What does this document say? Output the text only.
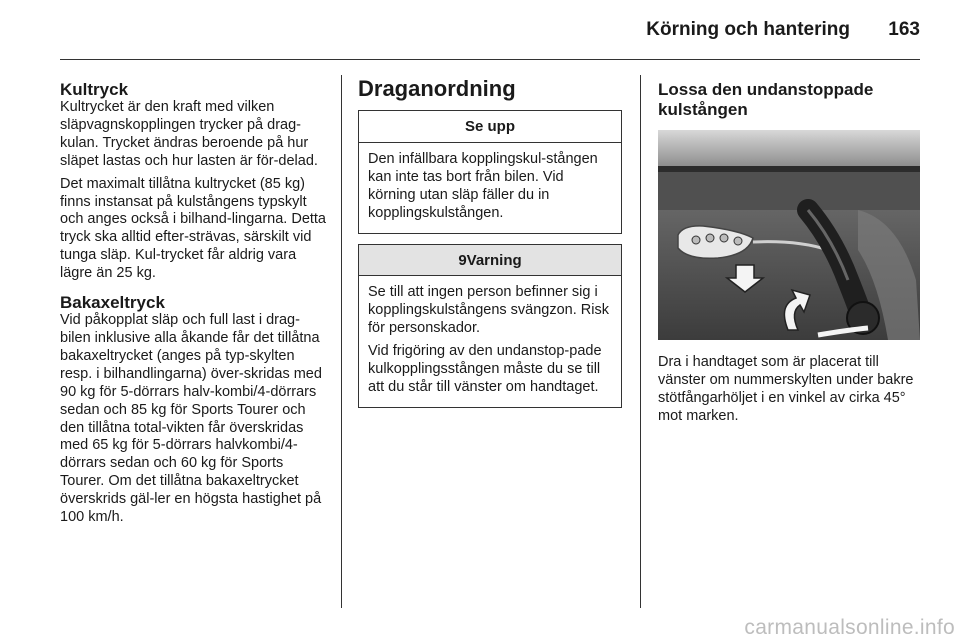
Körning och hantering	163
Kultryck

Kultrycket är den kraft med vilken släpvagnskopplingen trycker på drag-kulan. Trycket ändras beroende på hur släpet lastas och hur lasten är för-delad.

Det maximalt tillåtna kultrycket (85 kg) finns instansat på kulstångens typskylt och anges också i bilhand-lingarna. Detta tryck ska alltid efter-strävas, särskilt vid tunga släp. Kul-trycket får aldrig vara lägre än 25 kg.

Bakaxeltryck

Vid påkopplat släp och full last i drag-bilen inklusive alla åkande får det tillåtna bakaxeltrycket (anges på typ-skylten resp. i bilhandlingarna) över-skridas med 90 kg för 5-dörrars halv-kombi/4-dörrars sedan och 85 kg för Sports Tourer och den tillåtna total-vikten får överskridas med 65 kg för 5-dörrars halvkombi/4-dörrars sedan och 60 kg för Sports Tourer. Om det tillåtna bakaxeltrycket överskrids gäl-ler en högsta hastighet på 100 km/h.

Draganordning
Se upp

Den infällbara kopplingskul-stången kan inte tas bort från bilen. Vid körning utan släp fäller du in kopplingskulstången.

9Varning

Se till att ingen person befinner sig i kopplingskulstångens svängzon. Risk för personskador.

Vid frigöring av den undanstop-pade kulkopplingsstången måste du se till att du står till vänster om handtaget.

Lossa den undanstoppade kulstången

Dra i handtaget som är placerat till vänster om nummerskylten under bakre stötfångarhöljet i en vinkel av cirka 45° mot marken.

carmanualsonline.info
